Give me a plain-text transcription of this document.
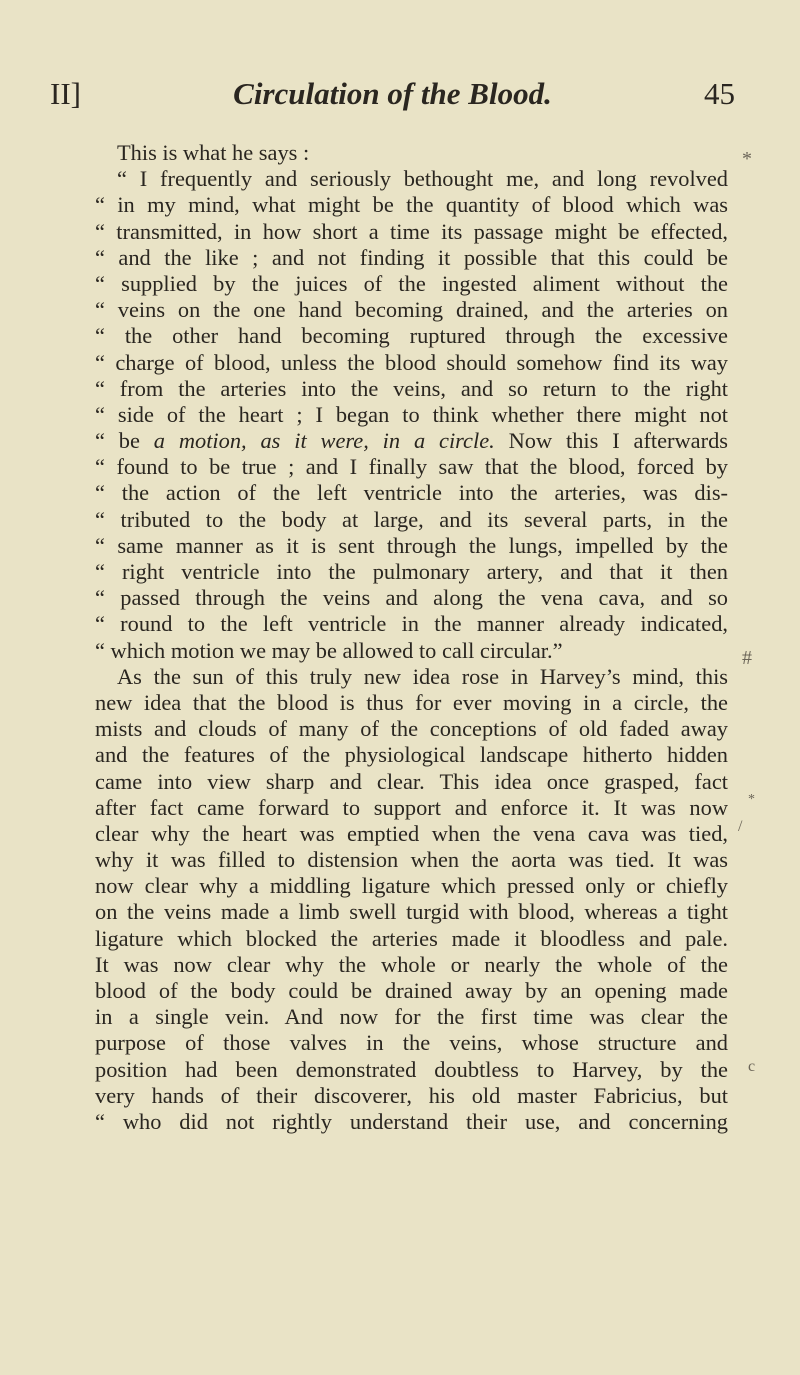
II]	Circulation of the Blood.	45
This is what he says :
“ I frequently and seriously bethought me, and long revolved
“ in my mind, what might be the quantity of blood which was
“ transmitted, in how short a time its passage might be effected,
“ and the like ; and not finding it possible that this could be
“ supplied by the juices of the ingested aliment without the
“ veins on the one hand becoming drained, and the arteries on
“ the other hand becoming ruptured through the excessive
“ charge of blood, unless the blood should somehow find its way
“ from the arteries into the veins, and so return to the right
“ side of the heart ; I began to think whether there might not
“ be a motion, as it were, in a circle. Now this I afterwards
“ found to be true ; and I finally saw that the blood, forced by
“ the action of the left ventricle into the arteries, was dis-
“ tributed to the body at large, and its several parts, in the
“ same manner as it is sent through the lungs, impelled by the
“ right ventricle into the pulmonary artery, and that it then
“ passed through the veins and along the vena cava, and so
“ round to the left ventricle in the manner already indicated,
“ which motion we may be allowed to call circular.”
As the sun of this truly new idea rose in Harvey’s mind, this
new idea that the blood is thus for ever moving in a circle, the
mists and clouds of many of the conceptions of old faded away
and the features of the physiological landscape hitherto hidden
came into view sharp and clear. This idea once grasped, fact
after fact came forward to support and enforce it. It was now
clear why the heart was emptied when the vena cava was tied,
why it was filled to distension when the aorta was tied. It was
now clear why a middling ligature which pressed only or chiefly
on the veins made a limb swell turgid with blood, whereas a tight
ligature which blocked the arteries made it bloodless and pale.
It was now clear why the whole or nearly the whole of the
blood of the body could be drained away by an opening made
in a single vein. And now for the first time was clear the
purpose of those valves in the veins, whose structure and
position had been demonstrated doubtless to Harvey, by the
very hands of their discoverer, his old master Fabricius, but
“ who did not rightly understand their use, and concerning
*
#
*
/
c
